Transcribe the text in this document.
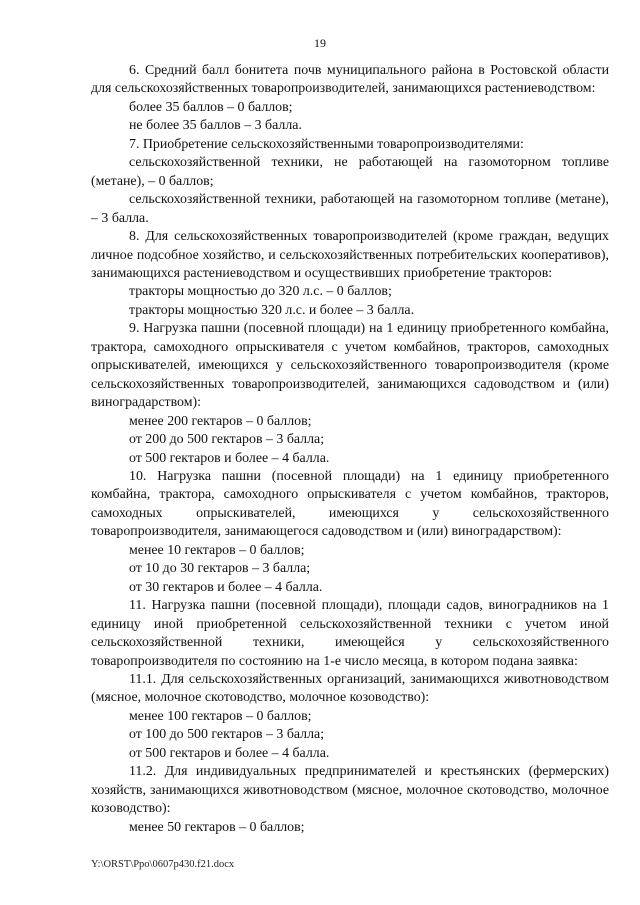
19

6. Средний балл бонитета почв муниципального района в Ростовской области для сельскохозяйственных товаропроизводителей, занимающихся растениеводством:

более 35 баллов – 0 баллов;

не более 35 баллов – 3 балла.

7. Приобретение сельскохозяйственными товаропроизводителями:

сельскохозяйственной техники, не работающей на газомоторном топливе (метане), – 0 баллов;

сельскохозяйственной техники, работающей на газомоторном топливе (метане), – 3 балла.

8. Для сельскохозяйственных товаропроизводителей (кроме граждан, ведущих личное подсобное хозяйство, и сельскохозяйственных потребительских кооперативов), занимающихся растениеводством и осуществивших приобретение тракторов:

тракторы мощностью до 320 л.с. – 0 баллов;

тракторы мощностью 320 л.с. и более – 3 балла.

9. Нагрузка пашни (посевной площади) на 1 единицу приобретенного комбайна, трактора, самоходного опрыскивателя с учетом комбайнов, тракторов, самоходных опрыскивателей, имеющихся у сельскохозяйственного товаропроизводителя (кроме сельскохозяйственных товаропроизводителей, занимающихся садоводством и (или) виноградарством):

менее 200 гектаров – 0 баллов;

от 200 до 500 гектаров – 3 балла;

от 500 гектаров и более – 4 балла.

10. Нагрузка пашни (посевной площади) на 1 единицу приобретенного комбайна, трактора, самоходного опрыскивателя с учетом комбайнов, тракторов, самоходных опрыскивателей, имеющихся у сельскохозяйственного товаропроизводителя, занимающегося садоводством и (или) виноградарством):

менее 10 гектаров – 0 баллов;

от 10 до 30 гектаров – 3 балла;

от 30 гектаров и более – 4 балла.

11. Нагрузка пашни (посевной площади), площади садов, виноградников на 1 единицу иной приобретенной сельскохозяйственной техники с учетом иной сельскохозяйственной техники, имеющейся у сельскохозяйственного товаропроизводителя по состоянию на 1-е число месяца, в котором подана заявка:

11.1. Для сельскохозяйственных организаций, занимающихся животноводством (мясное, молочное скотоводство, молочное козоводство):

менее 100 гектаров – 0 баллов;

от 100 до 500 гектаров – 3 балла;

от 500 гектаров и более – 4 балла.

11.2. Для индивидуальных предпринимателей и крестьянских (фермерских) хозяйств, занимающихся животноводством (мясное, молочное скотоводство, молочное козоводство):

менее 50 гектаров – 0 баллов;

Y:\ORST\Ppo\0607p430.f21.docx
